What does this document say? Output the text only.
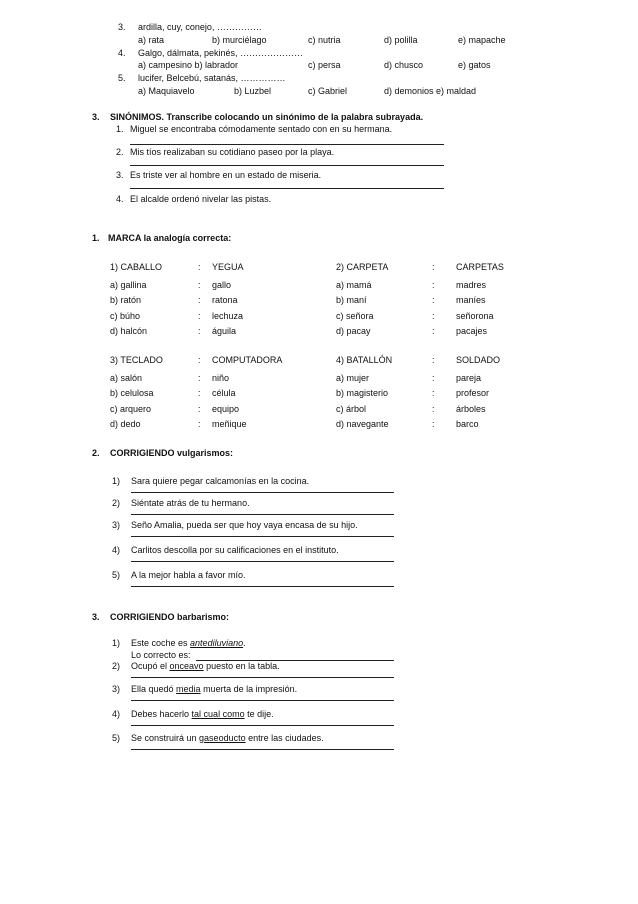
3. ardilla, cuy, conejo, ……………
a) rata	b) murciélago	c) nutria	d) polilla	e) mapache
4. Galgo, dálmata, pekinés, …………………
a) campesino b) labrador	c) persa	d) chusco	e) gatos
5. lucifer, Belcebú, satanás, ……………
a) Maquiavelo	b) Luzbel	c) Gabriel	d) demonios e) maldad
3. SINÓNIMOS. Transcribe colocando un sinónimo de la palabra subrayada.
1. Miguel se encontraba cómodamente sentado con en su hermana.
2. Mis tíos realizaban su cotidiano paseo por la playa.
3. Es triste ver al hombre en un estado de miseria.
4. El alcalde ordenó nivelar las pistas.
1. MARCA la analogía correcta:
1) CABALLO	: YEGUA
a) gallina	: gallo
b) ratón	: ratona
c) búho	: lechuza
d) halcón	: águila
2) CARPETA	: CARPETAS
a) mamá	: madres
b) maní	: maníes
c) señora	: señorona
d) pacay	: pacajes
3) TECLADO	: COMPUTADORA
a) salón	: niño
b) celulosa	: célula
c) arquero	: equipo
d) dedo	: meñique
4) BATALLÓN	: SOLDADO
a) mujer	: pareja
b) magisterio	: profesor
c) árbol	: árboles
d) navegante	: barco
2. CORRIGIENDO vulgarismos:
1) Sara quiere pegar calcamonías en la cocina.
2) Siéntate atrás de tu hermano.
3) Seño Amalia, pueda ser que hoy vaya encasa de su hijo.
4) Carlitos descolla por su calificaciones en el instituto.
5) A la mejor habla a favor mío.
3. CORRIGIENDO barbarismo:
1) Este coche es antediluviano.
Lo correcto es:
2) Ocupó el onceavo puesto en la tabla.
3) Ella quedó media muerta de la impresión.
4) Debes hacerlo tal cual como te dije.
5) Se construirá un gaseoducto entre las ciudades.
